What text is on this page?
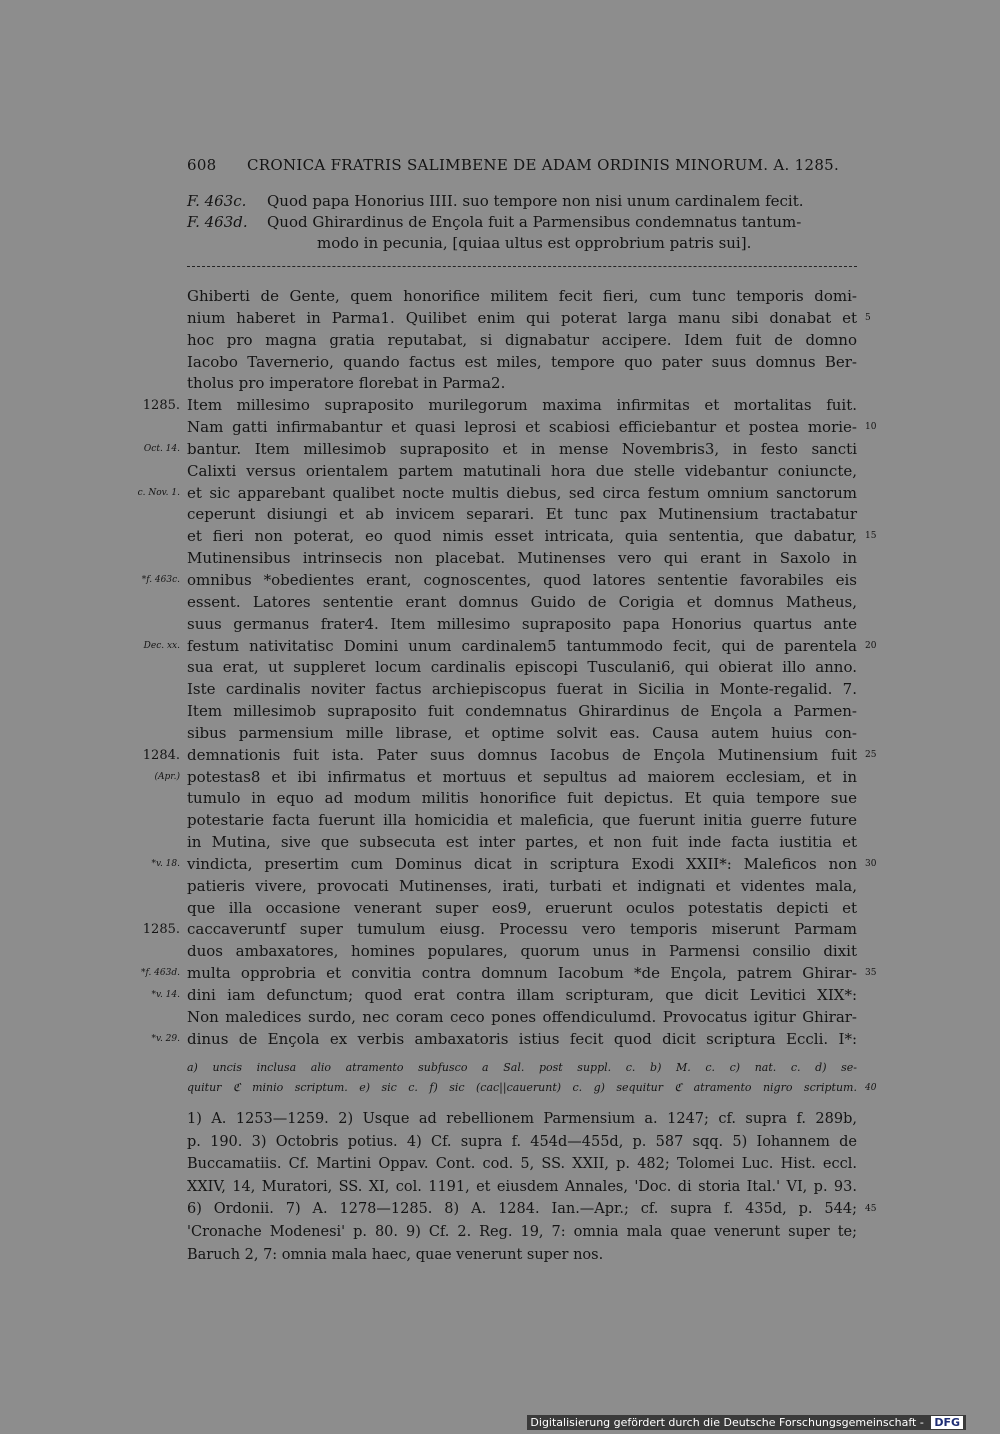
608 CRONICA FRATRIS SALIMBENE DE ADAM ORDINIS MINORUM. A. 1285.
F. 463c. Quod papa Honorius IIII. suo tempore non nisi unum cardinalem fecit.
F. 463d. Quod Ghirardinus de Ençola fuit a Parmensibus condemnatus tantum-
modo in pecunia, [quiaa ultus est opprobrium patris sui].
Ghiberti de Gente, quem honorifice militem fecit fieri, cum tunc temporis domi-
nium haberet in Parma1. Quilibet enim qui poterat larga manu sibi donabat et 5
hoc pro magna gratia reputabat, si dignabatur accipere. Idem fuit de domno
Iacobo Tavernerio, quando factus est miles, tempore quo pater suus domnus Ber-
tholus pro imperatore florebat in Parma2.
1285. Item millesimo supraposito murilegorum maxima infirmitas et mortalitas fuit.
Nam gatti infirmabantur et quasi leprosi et scabiosi efficiebantur et postea morie- 10
Oct. 14. bantur. Item millesimob supraposito et in mense Novembris3, in festo sancti
Calixti versus orientalem partem matutinali hora due stelle videbantur coniuncte,
c. Nov. 1. et sic apparebant qualibet nocte multis diebus, sed circa festum omnium sanctorum
ceperunt disiungi et ab invicem separari. Et tunc pax Mutinensium tractabatur
et fieri non poterat, eo quod nimis esset intricata, quia sententia, que dabatur, 15
Mutinensibus intrinsecis non placebat. Mutinenses vero qui erant in Saxolo in
*f. 463c. omnibus *obedientes erant, cognoscentes, quod latores sententie favorabiles eis
essent. Latores sententie erant domnus Guido de Corigia et domnus Matheus,
suus germanus frater4. Item millesimo supraposito papa Honorius quartus ante
Dec. xx. festum nativitatisc Domini unum cardinalem5 tantummodo fecit, qui de parentela 20
sua erat, ut suppleret locum cardinalis episcopi Tusculani6, qui obierat illo anno.
Iste cardinalis noviter factus archiepiscopus fuerat in Sicilia in Monte-regalid. 7.
Item millesimob supraposito fuit condemnatus Ghirardinus de Ençola a Parmen-
sibus parmensium mille librase, et optime solvit eas. Causa autem huius con-
1284. demnationis fuit ista. Pater suus domnus Iacobus de Ençola Mutinensium fuit 25
(Apr.) potestas8 et ibi infirmatus et mortuus et sepultus ad maiorem ecclesiam, et in
tumulo in equo ad modum militis honorifice fuit depictus. Et quia tempore sue
potestarie facta fuerunt illa homicidia et maleficia, que fuerunt initia guerre future
in Mutina, sive que subsecuta est inter partes, et non fuit inde facta iustitia et
*v. 18. vindicta, presertim cum Dominus dicat in scriptura Exodi XXII*: Maleficos non 30
patieris vivere, provocati Mutinenses, irati, turbati et indignati et videntes mala,
que illa occasione venerant super eos9, eruerunt oculos potestatis depicti et
1285. caccaveruntf super tumulum eiusg. Processu vero temporis miserunt Parmam
duos ambaxatores, homines populares, quorum unus in Parmensi consilio dixit
*f. 463d. multa opprobria et convitia contra domnum Iacobum *de Ençola, patrem Ghirar- 35
*v. 14. dini iam defunctum; quod erat contra illam scripturam, que dicit Levitici XIX*:
Non maledices surdo, nec coram ceco pones offendiculumd. Provocatus igitur Ghirar-
*v. 29. dinus de Ençola ex verbis ambaxatoris istius fecit quod dicit scriptura Eccli. I*:
a) uncis inclusa alio atramento subfusco a Sal. post suppl. c. b) M. c. c) nat. c. d) se-
quitur ℭ minio scriptum. e) sic c. f) sic (cac||cauerunt) c. g) sequitur ℭ atramento nigro scriptum. 40
1) A. 1253—1259. 2) Usque ad rebellionem Parmensium a. 1247; cf. supra f. 289b,
p. 190. 3) Octobris potius. 4) Cf. supra f. 454d—455d, p. 587 sqq. 5) Iohannem de
Buccamatiis. Cf. Martini Oppav. Cont. cod. 5, SS. XXII, p. 482; Tolomei Luc. Hist. eccl.
XXIV, 14, Muratori, SS. XI, col. 1191, et eiusdem Annales, 'Doc. di storia Ital.' VI, p. 93.
6) Ordonii. 7) A. 1278—1285. 8) A. 1284. Ian.—Apr.; cf. supra f. 435d, p. 544; 45
'Cronache Modenesi' p. 80. 9) Cf. 2. Reg. 19, 7: omnia mala quae venerunt super te;
Baruch 2, 7: omnia mala haec, quae venerunt super nos.
Digitalisierung gefördert durch die Deutsche Forschungsgemeinschaft - DFG
